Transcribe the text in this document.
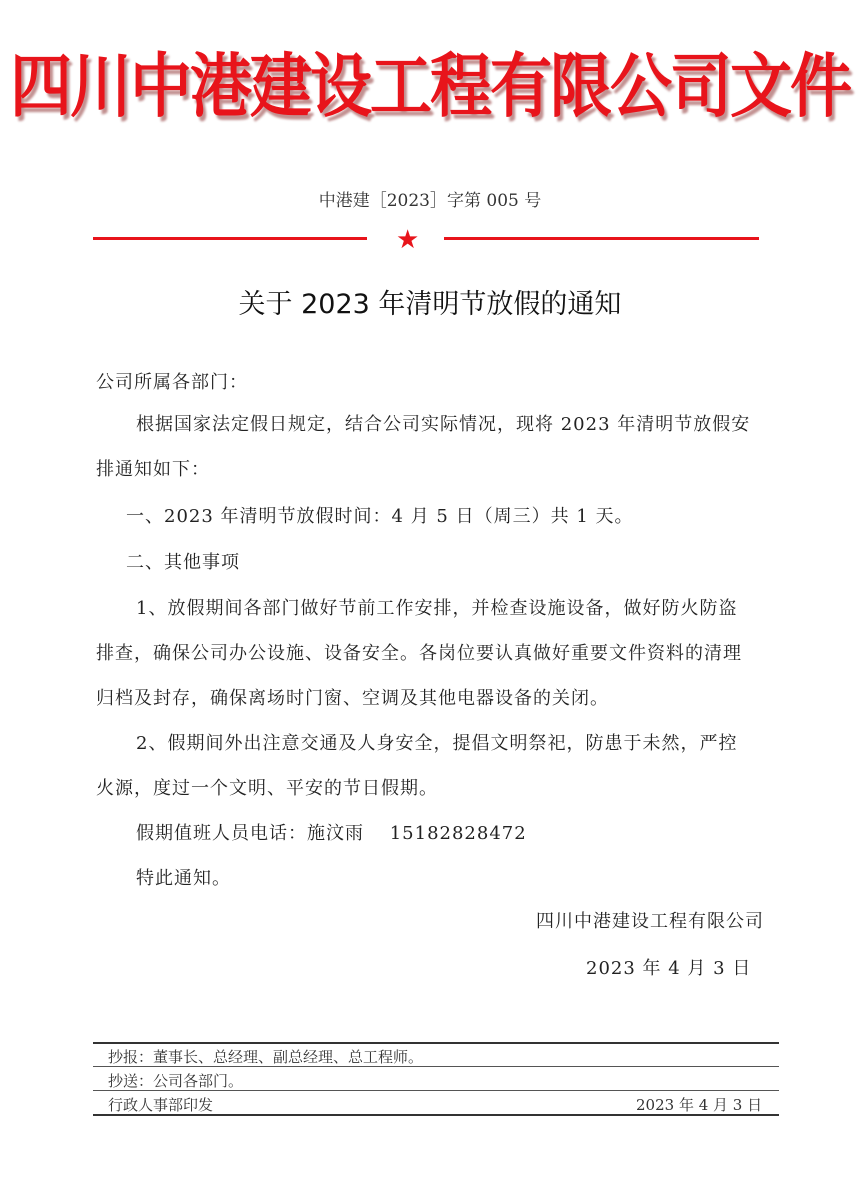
四川中港建设工程有限公司文件
中港建［2023］字第 005 号
★
关于 2023 年清明节放假的通知
公司所属各部门：
根据国家法定假日规定，结合公司实际情况，现将 2023 年清明节放假安
排通知如下：
一、2023 年清明节放假时间：4 月 5 日（周三）共 1 天。
二、其他事项
1、放假期间各部门做好节前工作安排，并检查设施设备，做好防火防盗
排查，确保公司办公设施、设备安全。各岗位要认真做好重要文件资料的清理
归档及封存，确保离场时门窗、空调及其他电器设备的关闭。
2、假期间外出注意交通及人身安全，提倡文明祭祀，防患于未然，严控
火源，度过一个文明、平安的节日假期。
假期值班人员电话：施汶雨　 15182828472
特此通知。
四川中港建设工程有限公司
2023 年 4 月 3 日
抄报：董事长、总经理、副总经理、总工程师。
抄送：公司各部门。
行政人事部印发	2023 年 4 月 3 日
